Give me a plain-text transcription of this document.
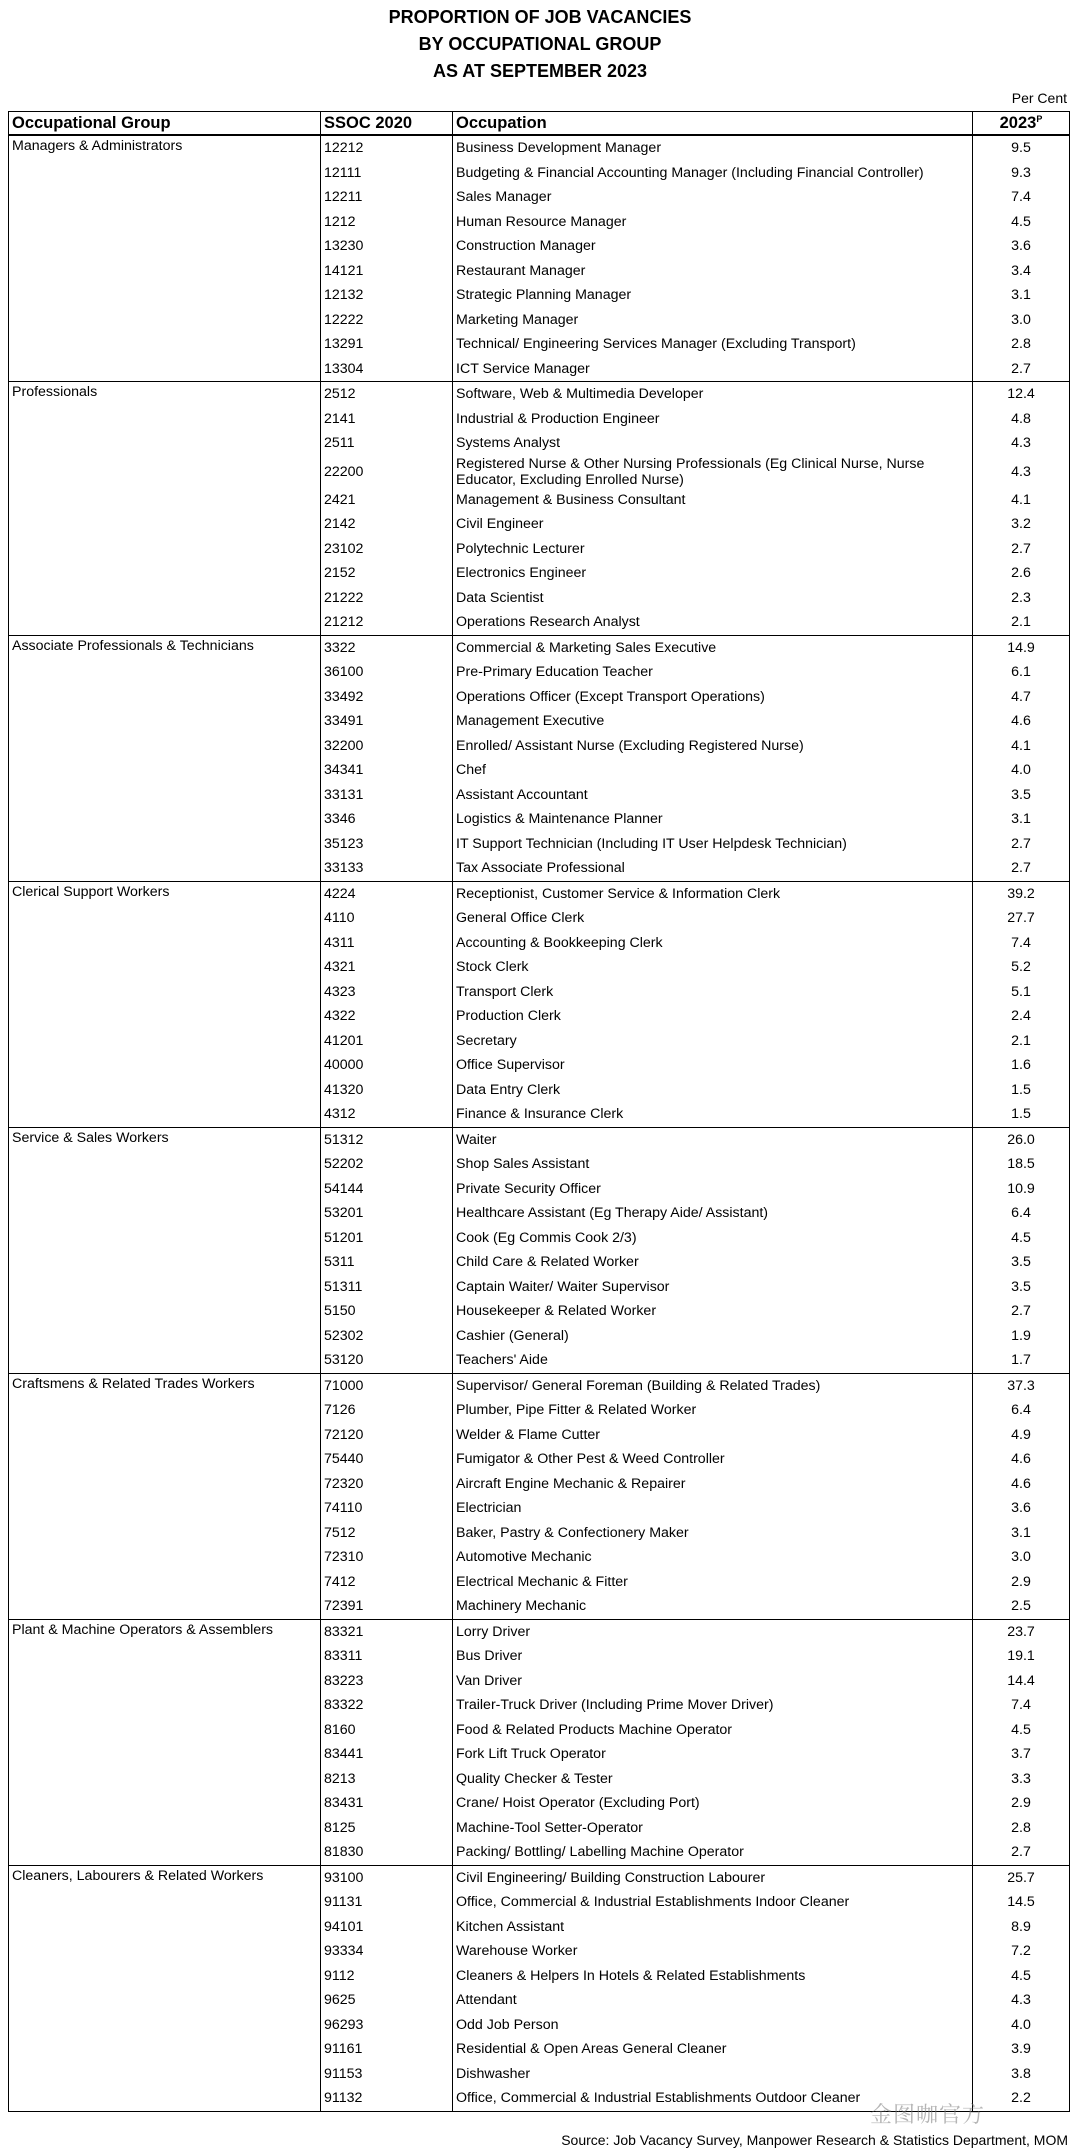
PROPORTION OF JOB VACANCIES
BY OCCUPATIONAL GROUP
AS AT SEPTEMBER 2023
Per Cent
Occupational Group	SSOC 2020	Occupation	$2023^P$
Managers & Administrators	12212	Business Development Manager	9.5
	12111	Budgeting & Financial Accounting Manager (Including Financial Controller)	9.3
	12211	Sales Manager	7.4
	1212	Human Resource Manager	4.5
	13230	Construction Manager	3.6
	14121	Restaurant Manager	3.4
	12132	Strategic Planning Manager	3.1
	12222	Marketing Manager	3.0
	13291	Technical/ Engineering Services Manager (Excluding Transport)	2.8
	13304	ICT Service Manager	2.7
Professionals	2512	Software, Web & Multimedia Developer	12.4
	2141	Industrial & Production Engineer	4.8
	2511	Systems Analyst	4.3
	22200	Registered Nurse & Other Nursing Professionals (Eg Clinical Nurse, Nurse Educator, Excluding Enrolled Nurse)	4.3
	2421	Management & Business Consultant	4.1
	2142	Civil Engineer	3.2
	23102	Polytechnic Lecturer	2.7
	2152	Electronics Engineer	2.6
	21222	Data Scientist	2.3
	21212	Operations Research Analyst	2.1
Associate Professionals & Technicians	3322	Commercial & Marketing Sales Executive	14.9
	36100	Pre-Primary Education Teacher	6.1
	33492	Operations Officer (Except Transport Operations)	4.7
	33491	Management Executive	4.6
	32200	Enrolled/ Assistant Nurse (Excluding Registered Nurse)	4.1
	34341	Chef	4.0
	33131	Assistant Accountant	3.5
	3346	Logistics & Maintenance Planner	3.1
	35123	IT Support Technician (Including IT User Helpdesk Technician)	2.7
	33133	Tax Associate Professional	2.7
Clerical Support Workers	4224	Receptionist, Customer Service & Information Clerk	39.2
	4110	General Office Clerk	27.7
	4311	Accounting & Bookkeeping Clerk	7.4
	4321	Stock Clerk	5.2
	4323	Transport Clerk	5.1
	4322	Production Clerk	2.4
	41201	Secretary	2.1
	40000	Office Supervisor	1.6
	41320	Data Entry Clerk	1.5
	4312	Finance & Insurance Clerk	1.5
Service & Sales Workers	51312	Waiter	26.0
	52202	Shop Sales Assistant	18.5
	54144	Private Security Officer	10.9
	53201	Healthcare Assistant (Eg Therapy Aide/ Assistant)	6.4
	51201	Cook (Eg Commis Cook 2/3)	4.5
	5311	Child Care & Related Worker	3.5
	51311	Captain Waiter/ Waiter Supervisor	3.5
	5150	Housekeeper & Related Worker	2.7
	52302	Cashier (General)	1.9
	53120	Teachers' Aide	1.7
Craftsmens & Related Trades Workers	71000	Supervisor/ General Foreman (Building & Related Trades)	37.3
	7126	Plumber, Pipe Fitter & Related Worker	6.4
	72120	Welder & Flame Cutter	4.9
	75440	Fumigator & Other Pest & Weed Controller	4.6
	72320	Aircraft Engine Mechanic & Repairer	4.6
	74110	Electrician	3.6
	7512	Baker, Pastry & Confectionery Maker	3.1
	72310	Automotive Mechanic	3.0
	7412	Electrical Mechanic & Fitter	2.9
	72391	Machinery Mechanic	2.5
Plant & Machine Operators & Assemblers	83321	Lorry Driver	23.7
	83311	Bus Driver	19.1
	83223	Van Driver	14.4
	83322	Trailer-Truck Driver (Including Prime Mover Driver)	7.4
	8160	Food & Related Products Machine Operator	4.5
	83441	Fork Lift Truck Operator	3.7
	8213	Quality Checker & Tester	3.3
	83431	Crane/ Hoist Operator (Excluding Port)	2.9
	8125	Machine-Tool Setter-Operator	2.8
	81830	Packing/ Bottling/ Labelling Machine Operator	2.7
Cleaners, Labourers & Related Workers	93100	Civil Engineering/ Building Construction Labourer	25.7
	91131	Office, Commercial & Industrial Establishments Indoor Cleaner	14.5
	94101	Kitchen Assistant	8.9
	93334	Warehouse Worker	7.2
	9112	Cleaners & Helpers In Hotels & Related Establishments	4.5
	9625	Attendant	4.3
	96293	Odd Job Person	4.0
	91161	Residential & Open Areas General Cleaner	3.9
	91153	Dishwasher	3.8
	91132	Office, Commercial & Industrial Establishments Outdoor Cleaner	2.2
金图咖官方
Source: Job Vacancy Survey, Manpower Research & Statistics Department, MOM
